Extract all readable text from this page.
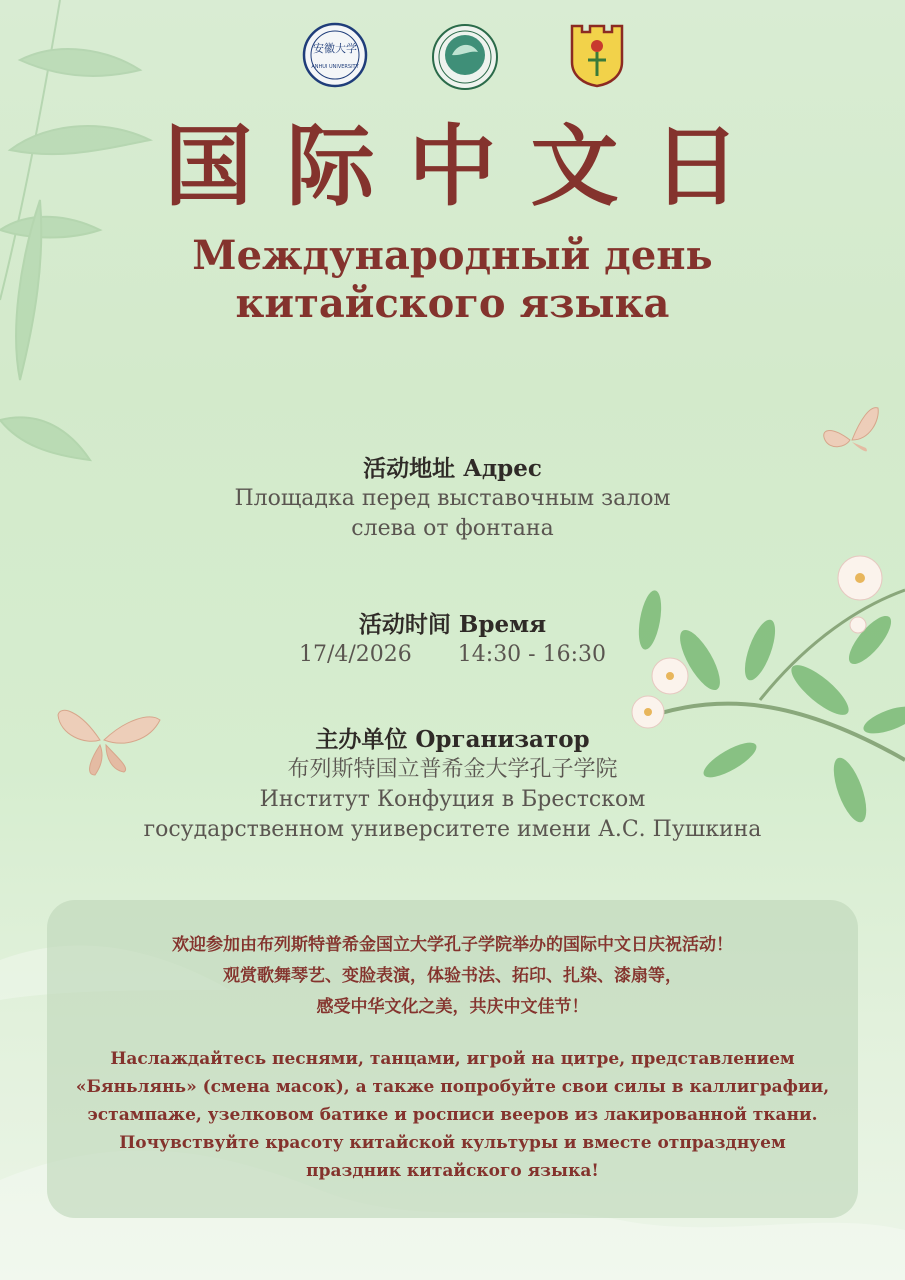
安徽大学
ANHUI UNIVERSITY
国际中文日
Международный день
китайского языка
活动地址 Адрес
Площадка перед выставочным залом
слева от фонтана
活动时间 Время
17/4/2026 14:30 - 16:30
主办单位 Организатор
布列斯特国立普希金大学孔子学院
Институт Конфуция в Брестском
государственном университете имени А.С. Пушкина
欢迎参加由布列斯特普希金国立大学孔子学院举办的国际中文日庆祝活动！
观赏歌舞琴艺、变脸表演，体验书法、拓印、扎染、漆扇等，
感受中华文化之美，共庆中文佳节！
Наслаждайтесь песнями, танцами, игрой на цитре, представлением
«Бяньлянь» (смена масок), а также попробуйте свои силы в каллиграфии,
эстампаже, узелковом батике и росписи вееров из лакированной ткани.
Почувствуйте красоту китайской культуры и вместе отпразднуем
праздник китайского языка!
